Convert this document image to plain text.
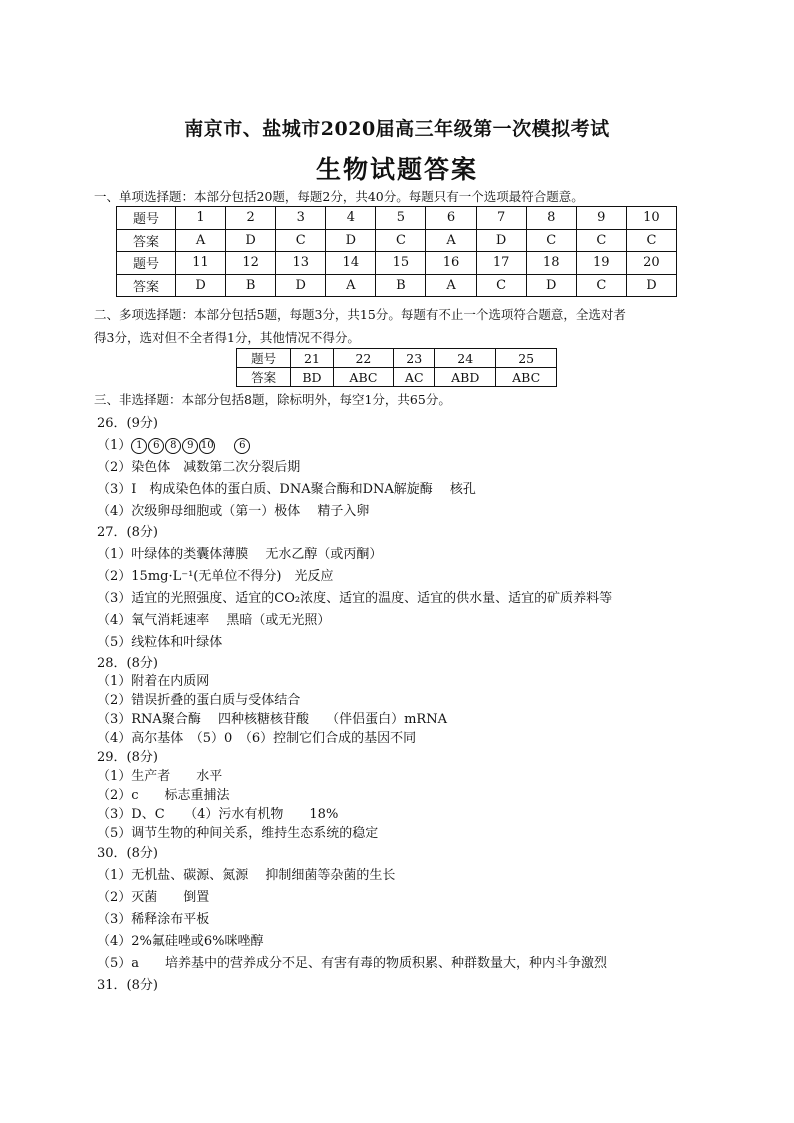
南京市、盐城市2020届高三年级第一次模拟考试
生物试题答案
一、单项选择题：本部分包括20题，每题2分，共40分。每题只有一个选项最符合题意。
题号	1	2	3	4	5	6	7	8	9	10
答案	A	D	C	D	C	A	D	C	C	C
题号	11	12	13	14	15	16	17	18	19	20
答案	D	B	D	A	B	A	C	D	C	D
二、多项选择题：本部分包括5题，每题3分，共15分。每题有不止一个选项符合题意，全选对者
得3分，选对但不全者得1分，其他情况不得分。
题号	21	22	23	24	25
答案	BD	ABC	AC	ABD	ABC
三、非选择题：本部分包括8题，除标明外，每空1分，共65分。
26．(9分)
（1） 1 6 8 9 10	6
（2）染色体　减数第二次分裂后期
（3）Ⅰ　构成染色体的蛋白质、DNA聚合酶和DNA解旋酶　 核孔
（4）次级卵母细胞或（第一）极体　 精子入卵
27．(8分)
（1）叶绿体的类囊体薄膜　 无水乙醇（或丙酮）
（2）15mg·L⁻¹(无单位不得分)　光反应
（3）适宜的光照强度、适宜的CO₂浓度、适宜的温度、适宜的供水量、适宜的矿质养料等
（4）氧气消耗速率　 黑暗（或无光照）
（5）线粒体和叶绿体
28．(8分)
（1）附着在内质网
（2）错误折叠的蛋白质与受体结合
（3）RNA聚合酶　 四种核糖核苷酸　 （伴侣蛋白）mRNA
（4）高尔基体　（5）0　（6）控制它们合成的基因不同
29．(8分)
（1）生产者　　水平
（2）c　　标志重捕法
（3）D、C　　（4）污水有机物　　18%
（5）调节生物的种间关系，维持生态系统的稳定
30．(8分)
（1）无机盐、碳源、氮源　 抑制细菌等杂菌的生长
（2）灭菌　　倒置
（3）稀释涂布平板
（4）2%氟硅唑或6%咪唑醇
（5）a　　培养基中的营养成分不足、有害有毒的物质积累、种群数量大，种内斗争激烈
31．(8分)
